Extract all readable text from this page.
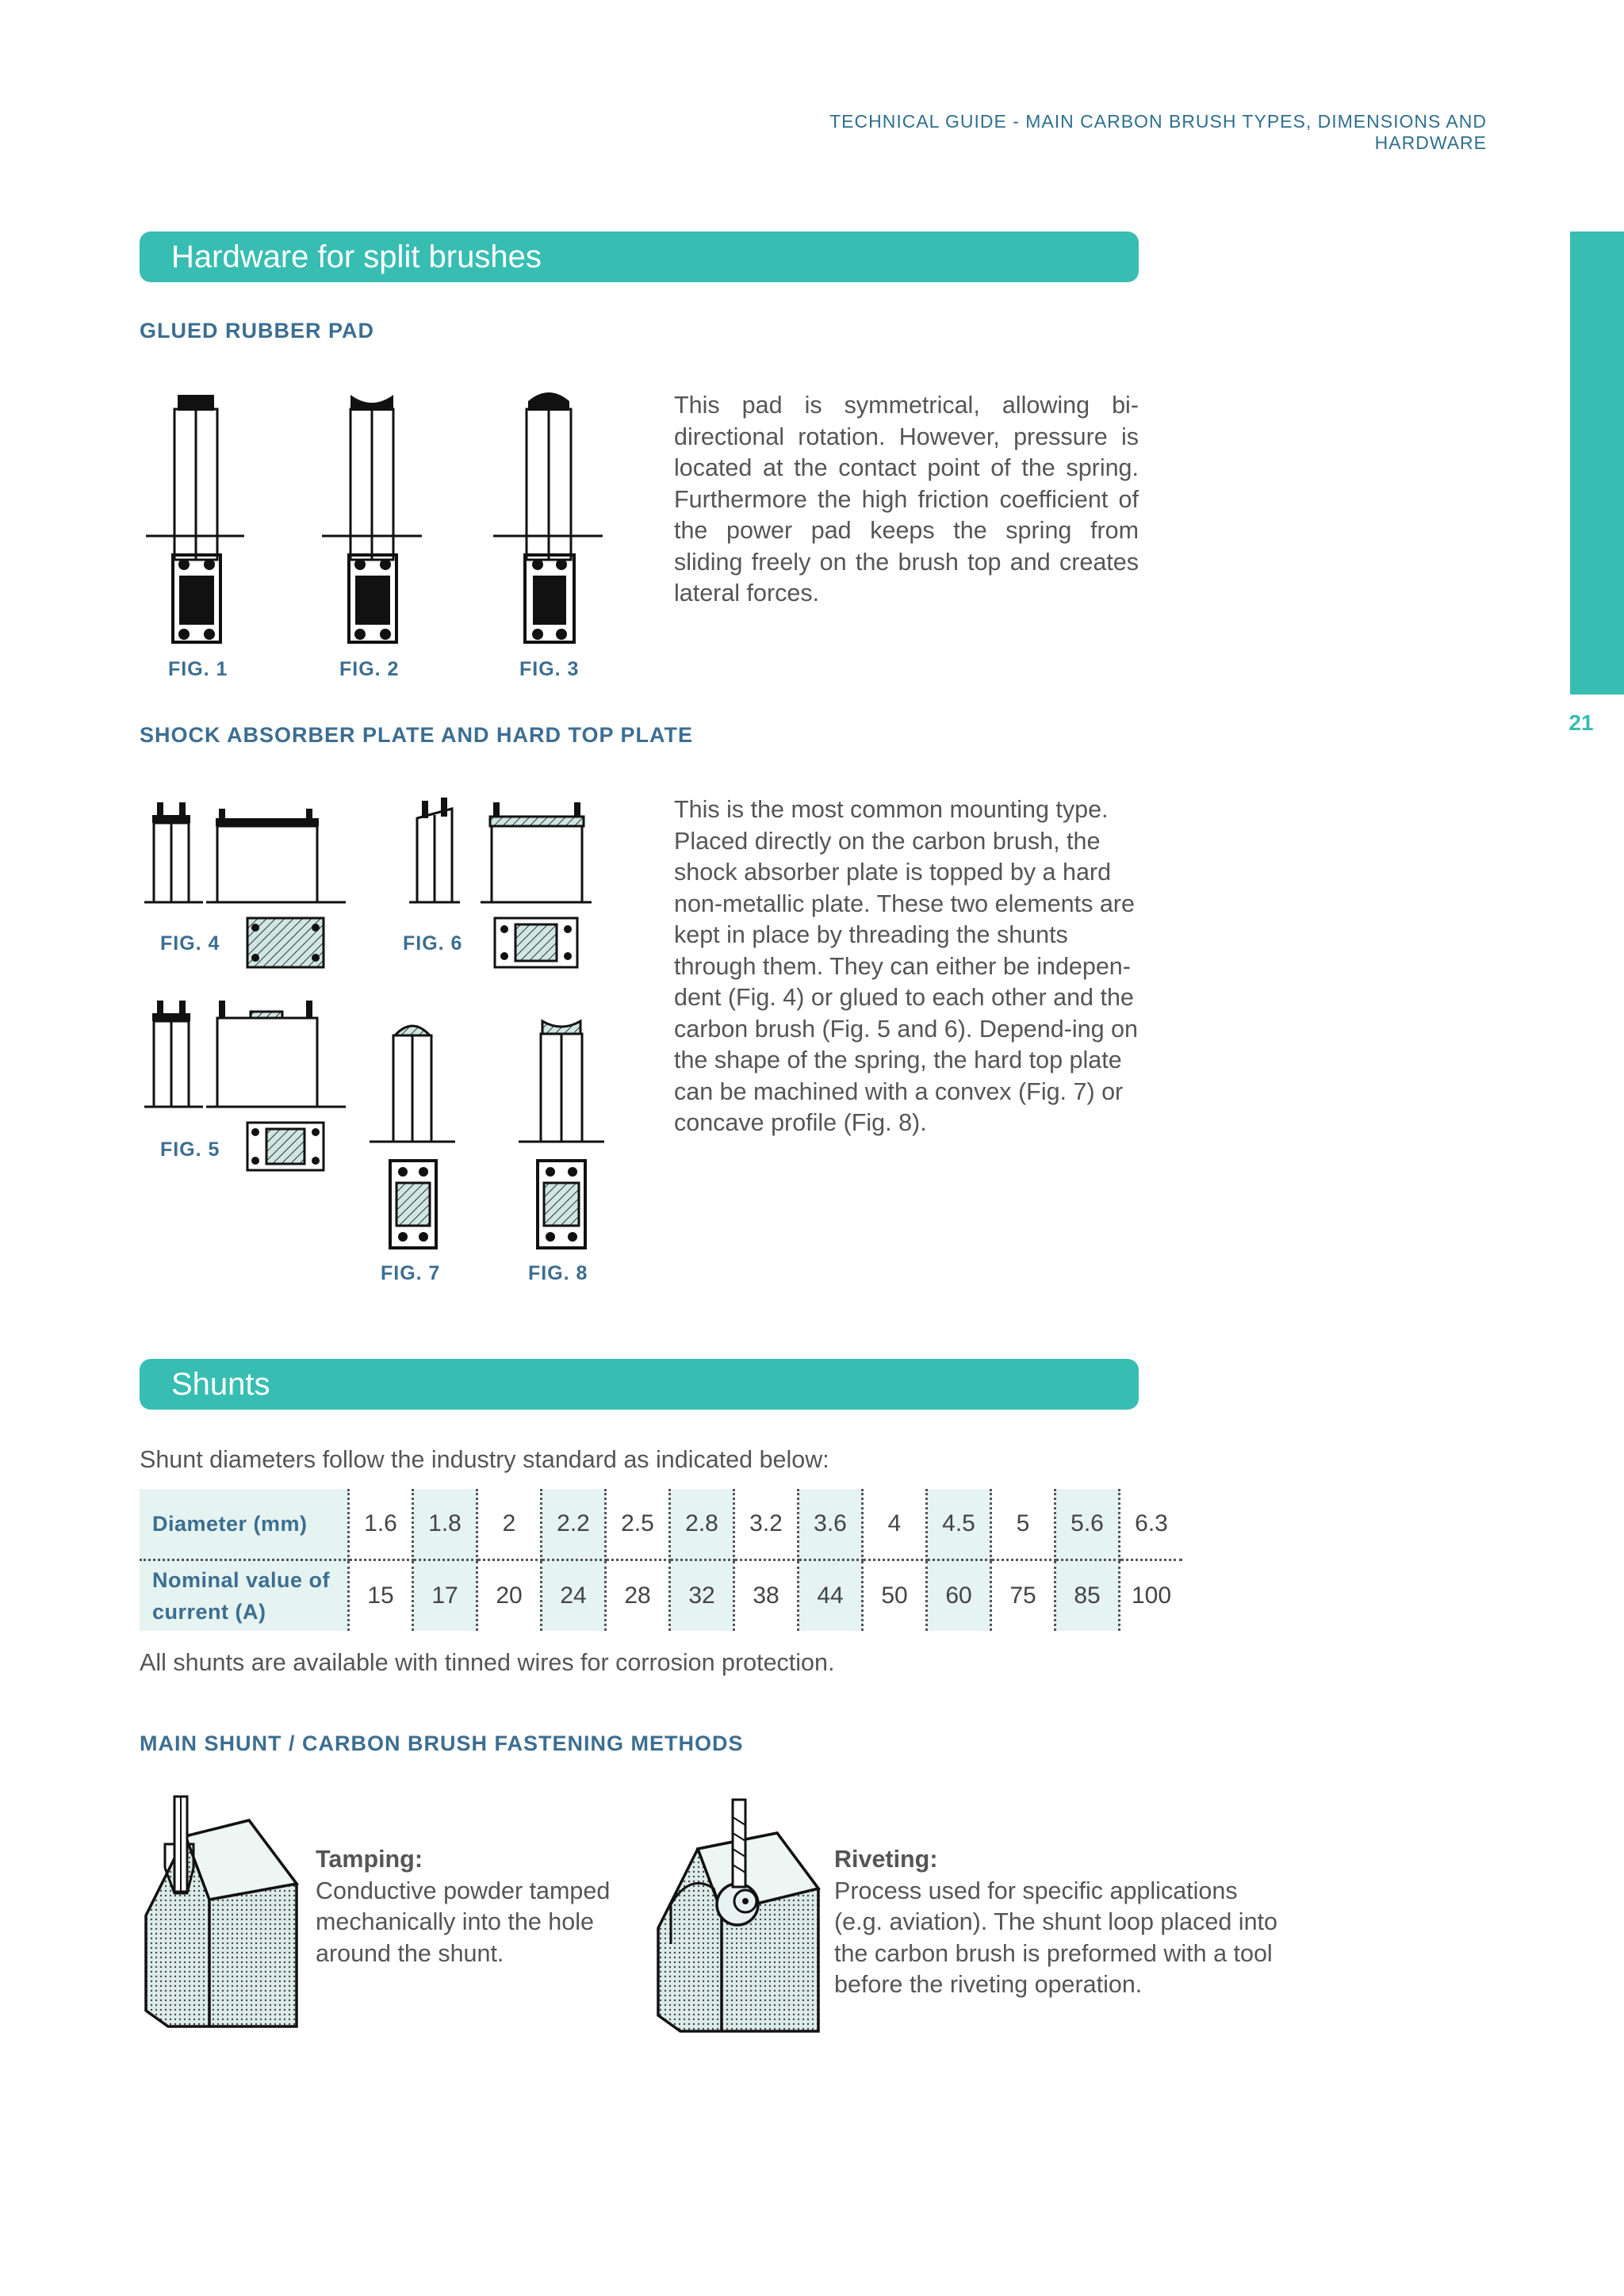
TECHNICAL GUIDE - MAIN CARBON BRUSH TYPES, DIMENSIONS AND HARDWARE
21
Hardware for split brushes
GLUED RUBBER PAD
FIG. 1	FIG. 2	FIG. 3
This pad is symmetrical, allowing bi-directional rotation. However, pressure is located at the contact point of the spring. Furthermore the high friction coefficient of the power pad keeps the spring from sliding freely on the brush top and creates lateral forces.
SHOCK ABSORBER PLATE AND HARD TOP PLATE
FIG. 4	FIG. 6
FIG. 5
FIG. 7	FIG. 8
This is the most common mounting type. Placed directly on the carbon brush, the shock absorber plate is topped by a hard non-metallic plate. These two elements are kept in place by threading the shunts through them. They can either be indepen-dent (Fig. 4) or glued to each other and the carbon brush (Fig. 5 and 6). Depend-ing on the shape of the spring, the hard top plate can be machined with a convex (Fig. 7) or concave profile (Fig. 8).
Shunts
Shunt diameters follow the industry standard as indicated below:
Diameter (mm)	1.6	1.8	2	2.2	2.5	2.8	3.2	3.6	4	4.5	5	5.6	6.3
Nominal value of current (A)	15	17	20	24	28	32	38	44	50	60	75	85	100
All shunts are available with tinned wires for corrosion protection.
MAIN SHUNT / CARBON BRUSH FASTENING METHODS
Tamping:
Conductive powder tamped mechanically into the hole around the shunt.
Riveting:
Process used for specific applications (e.g. aviation). The shunt loop placed into the carbon brush is preformed with a tool before the riveting operation.
